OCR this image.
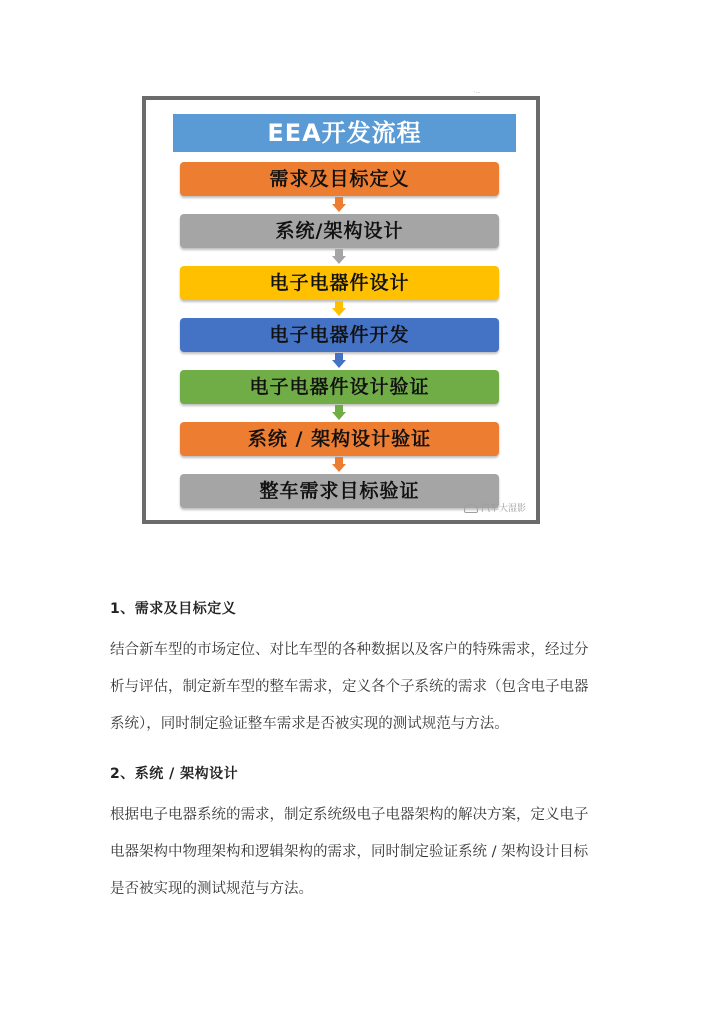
·…
EEA开发流程
需求及目标定义
系统/架构设计
电子电器件设计
电子电器件开发
电子电器件设计验证
系统 / 架构设计验证
整车需求目标验证
汽车大湿影
1、需求及目标定义
结合新车型的市场定位、对比车型的各种数据以及客户的特殊需求，经过分
析与评估，制定新车型的整车需求，定义各个子系统的需求（包含电子电器
系统），同时制定验证整车需求是否被实现的测试规范与方法。
2、系统 / 架构设计
根据电子电器系统的需求，制定系统级电子电器架构的解决方案，定义电子
电器架构中物理架构和逻辑架构的需求，同时制定验证系统 / 架构设计目标
是否被实现的测试规范与方法。
